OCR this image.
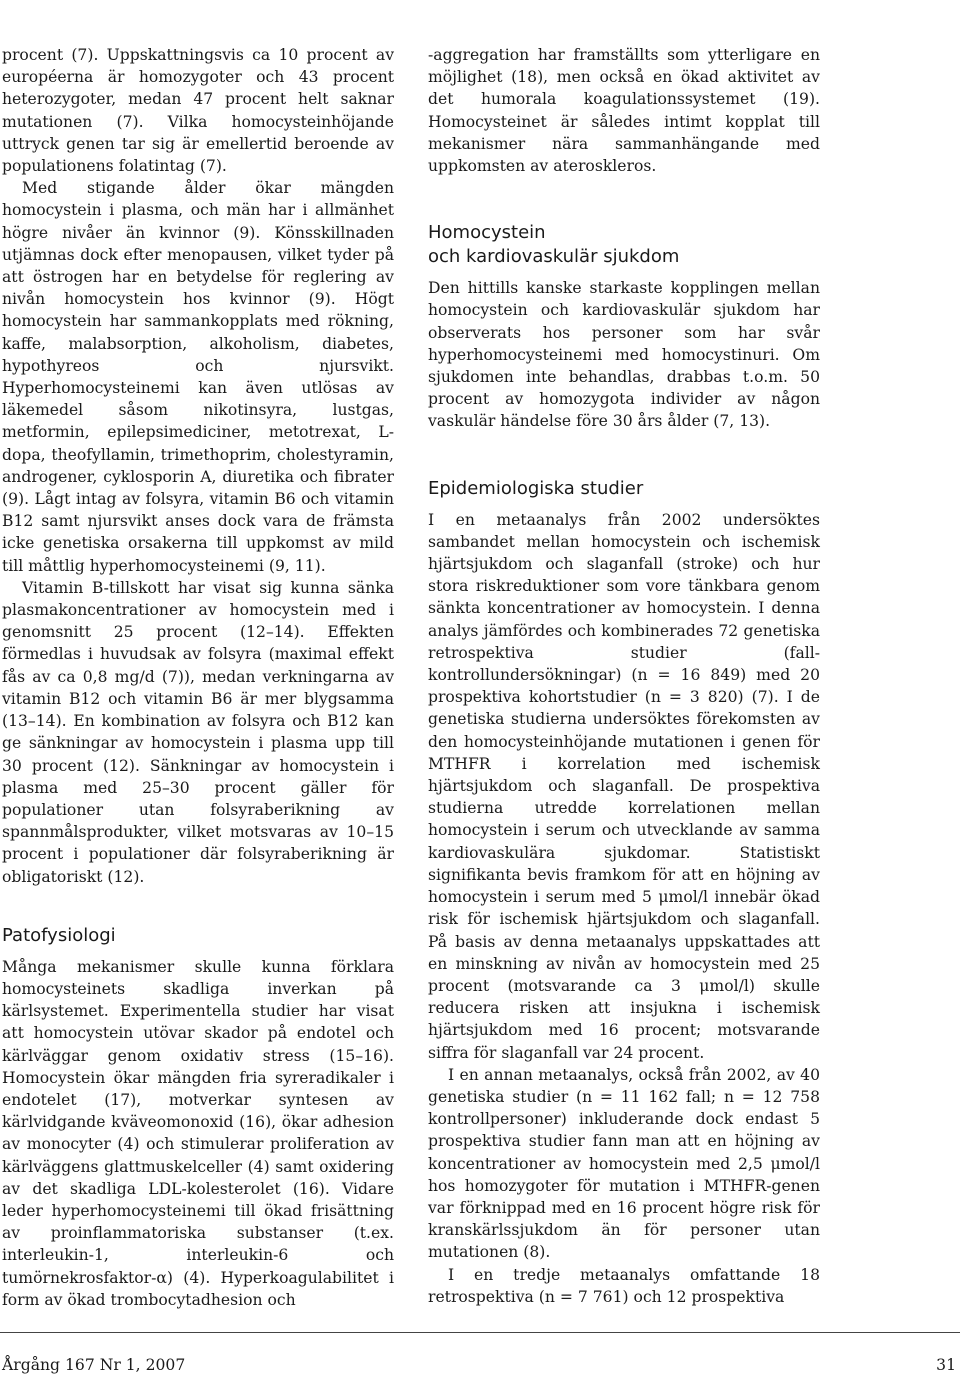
procent (7). Uppskattningsvis ca 10 procent av européerna är homozygoter och 43 procent heterozygoter, medan 47 procent helt saknar mutationen (7). Vilka homocysteinhöjande uttryck genen tar sig är emellertid beroende av populationens folatintag (7).

Med stigande ålder ökar mängden homocystein i plasma, och män har i allmänhet högre nivåer än kvinnor (9). Könsskillnaden utjämnas dock efter menopausen, vilket tyder på att östrogen har en betydelse för reglering av nivån homocystein hos kvinnor (9). Högt homocystein har sammankopplats med rökning, kaffe, malabsorption, alkoholism, diabetes, hypothyreos och njursvikt. Hyperhomocysteinemi kan även utlösas av läkemedel såsom nikotinsyra, lustgas, metformin, epilepsimediciner, metotrexat, L-dopa, theofyllamin, trimethoprim, cholestyramin, androgener, cyklosporin A, diuretika och fibrater (9). Lågt intag av folsyra, vitamin B6 och vitamin B12 samt njursvikt anses dock vara de främsta icke genetiska orsakerna till uppkomst av mild till måttlig hyperhomocysteinemi (9, 11).

Vitamin B-tillskott har visat sig kunna sänka plasmakoncentrationer av homocystein med i genomsnitt 25 procent (12–14). Effekten förmedlas i huvudsak av folsyra (maximal effekt fås av ca 0,8 mg/d (7)), medan verkningarna av vitamin B12 och vitamin B6 är mer blygsamma (13–14). En kombination av folsyra och B12 kan ge sänkningar av homocystein i plasma upp till 30 procent (12). Sänkningar av homocystein i plasma med 25–30 procent gäller för populationer utan folsyraberikning av spannmålsprodukter, vilket motsvaras av 10–15 procent i populationer där folsyraberikning är obligatoriskt (12).

Patofysiologi

Många mekanismer skulle kunna förklara homocysteinets skadliga inverkan på kärlsystemet. Experimentella studier har visat att homocystein utövar skador på endotel och kärlväggar genom oxidativ stress (15–16). Homocystein ökar mängden fria syreradikaler i endotelet (17), motverkar syntesen av kärlvidgande kväveomonoxid (16), ökar adhesion av monocyter (4) och stimulerar proliferation av kärlväggens glattmuskelceller (4) samt oxidering av det skadliga LDL-kolesterolet (16). Vidare leder hyperhomocysteinemi till ökad frisättning av proinflammatoriska substanser (t.ex. interleukin-1, interleukin-6 och tumörnekrosfaktor-α) (4). Hyperkoagulabilitet i form av ökad trombocytadhesion och

-aggregation har framställts som ytterligare en möjlighet (18), men också en ökad aktivitet av det humorala koagulationssystemet (19). Homocysteinet är således intimt kopplat till mekanismer nära sammanhängande med uppkomsten av ateroskleros.

Homocystein
och kardiovaskulär sjukdom

Den hittills kanske starkaste kopplingen mellan homocystein och kardiovaskulär sjukdom har observerats hos personer som har svår hyperhomocysteinemi med homocystinuri. Om sjukdomen inte behandlas, drabbas t.o.m. 50 procent av homozygota individer av någon vaskulär händelse före 30 års ålder (7, 13).

Epidemiologiska studier

I en metaanalys från 2002 undersöktes sambandet mellan homocystein och ischemisk hjärtsjukdom och slaganfall (stroke) och hur stora riskreduktioner som vore tänkbara genom sänkta koncentrationer av homocystein. I denna analys jämfördes och kombinerades 72 genetiska retrospektiva studier (fall-kontrollundersökningar) (n = 16 849) med 20 prospektiva kohortstudier (n = 3 820) (7). I de genetiska studierna undersöktes förekomsten av den homocysteinhöjande mutationen i genen för MTHFR i korrelation med ischemisk hjärtsjukdom och slaganfall. De prospektiva studierna utredde korrelationen mellan homocystein i serum och utvecklande av samma kardiovaskulära sjukdomar. Statistiskt signifikanta bevis framkom för att en höjning av homocystein i serum med 5 μmol/l innebär ökad risk för ischemisk hjärtsjukdom och slaganfall. På basis av denna metaanalys uppskattades att en minskning av nivån av homocystein med 25 procent (motsvarande ca 3 μmol/l) skulle reducera risken att insjukna i ischemisk hjärtsjukdom med 16 procent; motsvarande siffra för slaganfall var 24 procent.

I en annan metaanalys, också från 2002, av 40 genetiska studier (n = 11 162 fall; n = 12 758 kontrollpersoner) inkluderande dock endast 5 prospektiva studier fann man att en höjning av koncentrationer av homocystein med 2,5 μmol/l hos homozygoter för mutation i MTHFR-genen var förknippad med en 16 procent högre risk för kranskärlssjukdom än för personer utan mutationen (8).

I en tredje metaanalys omfattande 18 retrospektiva (n = 7 761) och 12 prospektiva

Årgång 167 Nr 1, 2007	31
